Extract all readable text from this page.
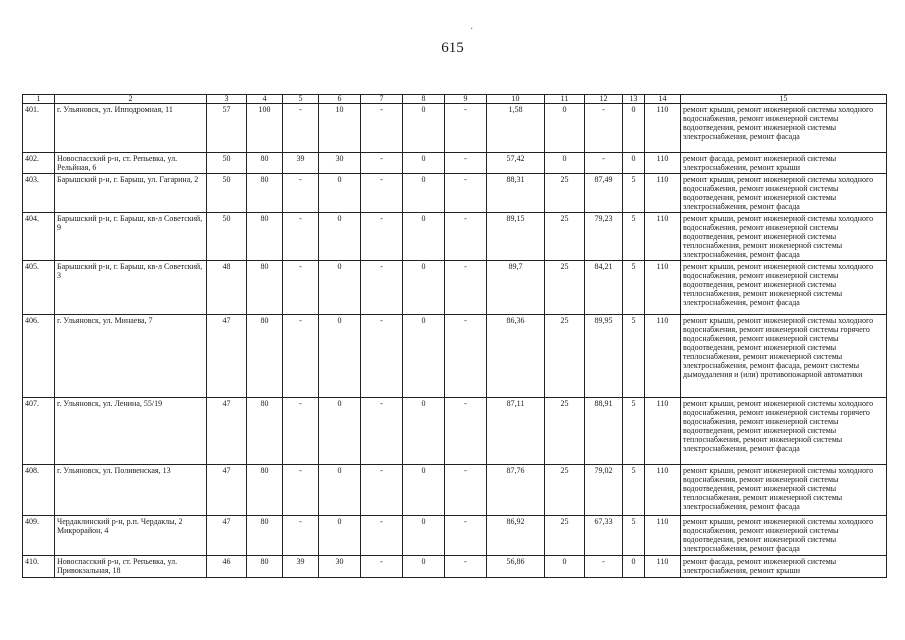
·
615
1	2	3	4	5	6	7	8	9	10	11	12	13	14	15
401.	г. Ульяновск, ул. Ипподромная, 11	57	100	-	10	-	0	-	1,58	0	-	0	110	ремонт крыши, ремонт инженерной системы холодного водоснабжения, ремонт инженерной системы водоотведения, ремонт инженерной системы электроснабжения, ремонт фасада
402.	Новоспасский р-н, ст. Репьевка, ул. Рельйная, 6	50	80	39	30	-	0	-	57,42	0	-	0	110	ремонт фасада, ремонт инженерной системы электроснабжения, ремонт крыши
403.	Барышский р-н, г. Барыш, ул. Гагарина, 2	50	80	-	0	-	0	-	88,31	25	87,49	5	110	ремонт крыши, ремонт инженерной системы холодного водоснабжения, ремонт инженерной системы водоотведения, ремонт инженерной системы электроснабжения, ремонт фасада
404.	Барышский р-н, г. Барыш, кв-л Советский, 9	50	80	-	0	-	0	-	89,15	25	79,23	5	110	ремонт крыши, ремонт инженерной системы холодного водоснабжения, ремонт инженерной системы водоотведения, ремонт инженерной системы теплоснабжения, ремонт инженерной системы электроснабжения, ремонт фасада
405.	Барышский р-н, г. Барыш, кв-л Советский, 3	48	80	-	0	-	0	-	89,7	25	84,21	5	110	ремонт крыши, ремонт инженерной системы холодного водоснабжения, ремонт инженерной системы водоотведения, ремонт инженерной системы теплоснабжения, ремонт инженерной системы электроснабжения, ремонт фасада
406.	г. Ульяновск, ул. Минаева, 7	47	80	-	0	-	0	-	86,36	25	89,95	5	110	ремонт крыши, ремонт инженерной системы холодного водоснабжения, ремонт инженерной системы горячего водоснабжения, ремонт инженерной системы водоотведения, ремонт инженерной системы теплоснабжения, ремонт инженерной системы электроснабжения, ремонт фасада, ремонт системы дымоудаления и (или) противопожарной автоматики
407.	г. Ульяновск, ул. Ленина, 55/19	47	80	-	0	-	0	-	87,11	25	88,91	5	110	ремонт крыши, ремонт инженерной системы холодного водоснабжения, ремонт инженерной системы горячего водоснабжения, ремонт инженерной системы водоотведения, ремонт инженерной системы теплоснабжения, ремонт инженерной системы электроснабжения, ремонт фасада
408.	г. Ульяновск, ул. Поливенская, 13	47	80	-	0	-	0	-	87,76	25	79,02	5	110	ремонт крыши, ремонт инженерной системы холодного водоснабжения, ремонт инженерной системы водоотведения, ремонт инженерной системы теплоснабжения, ремонт инженерной системы электроснабжения, ремонт фасада
409.	Чердаклинский р-н, р.п. Чердаклы, 2 Микрорайон, 4	47	80	-	0	-	0	-	86,92	25	67,33	5	110	ремонт крыши, ремонт инженерной системы холодного водоснабжения, ремонт инженерной системы водоотведения, ремонт инженерной системы электроснабжения, ремонт фасада
410.	Новоспасский р-н, ст. Репьевка, ул. Привокзальная, 18	46	80	39	30	-	0	-	56,86	0	-	0	110	ремонт фасада, ремонт инженерной системы электроснабжения, ремонт крыши
